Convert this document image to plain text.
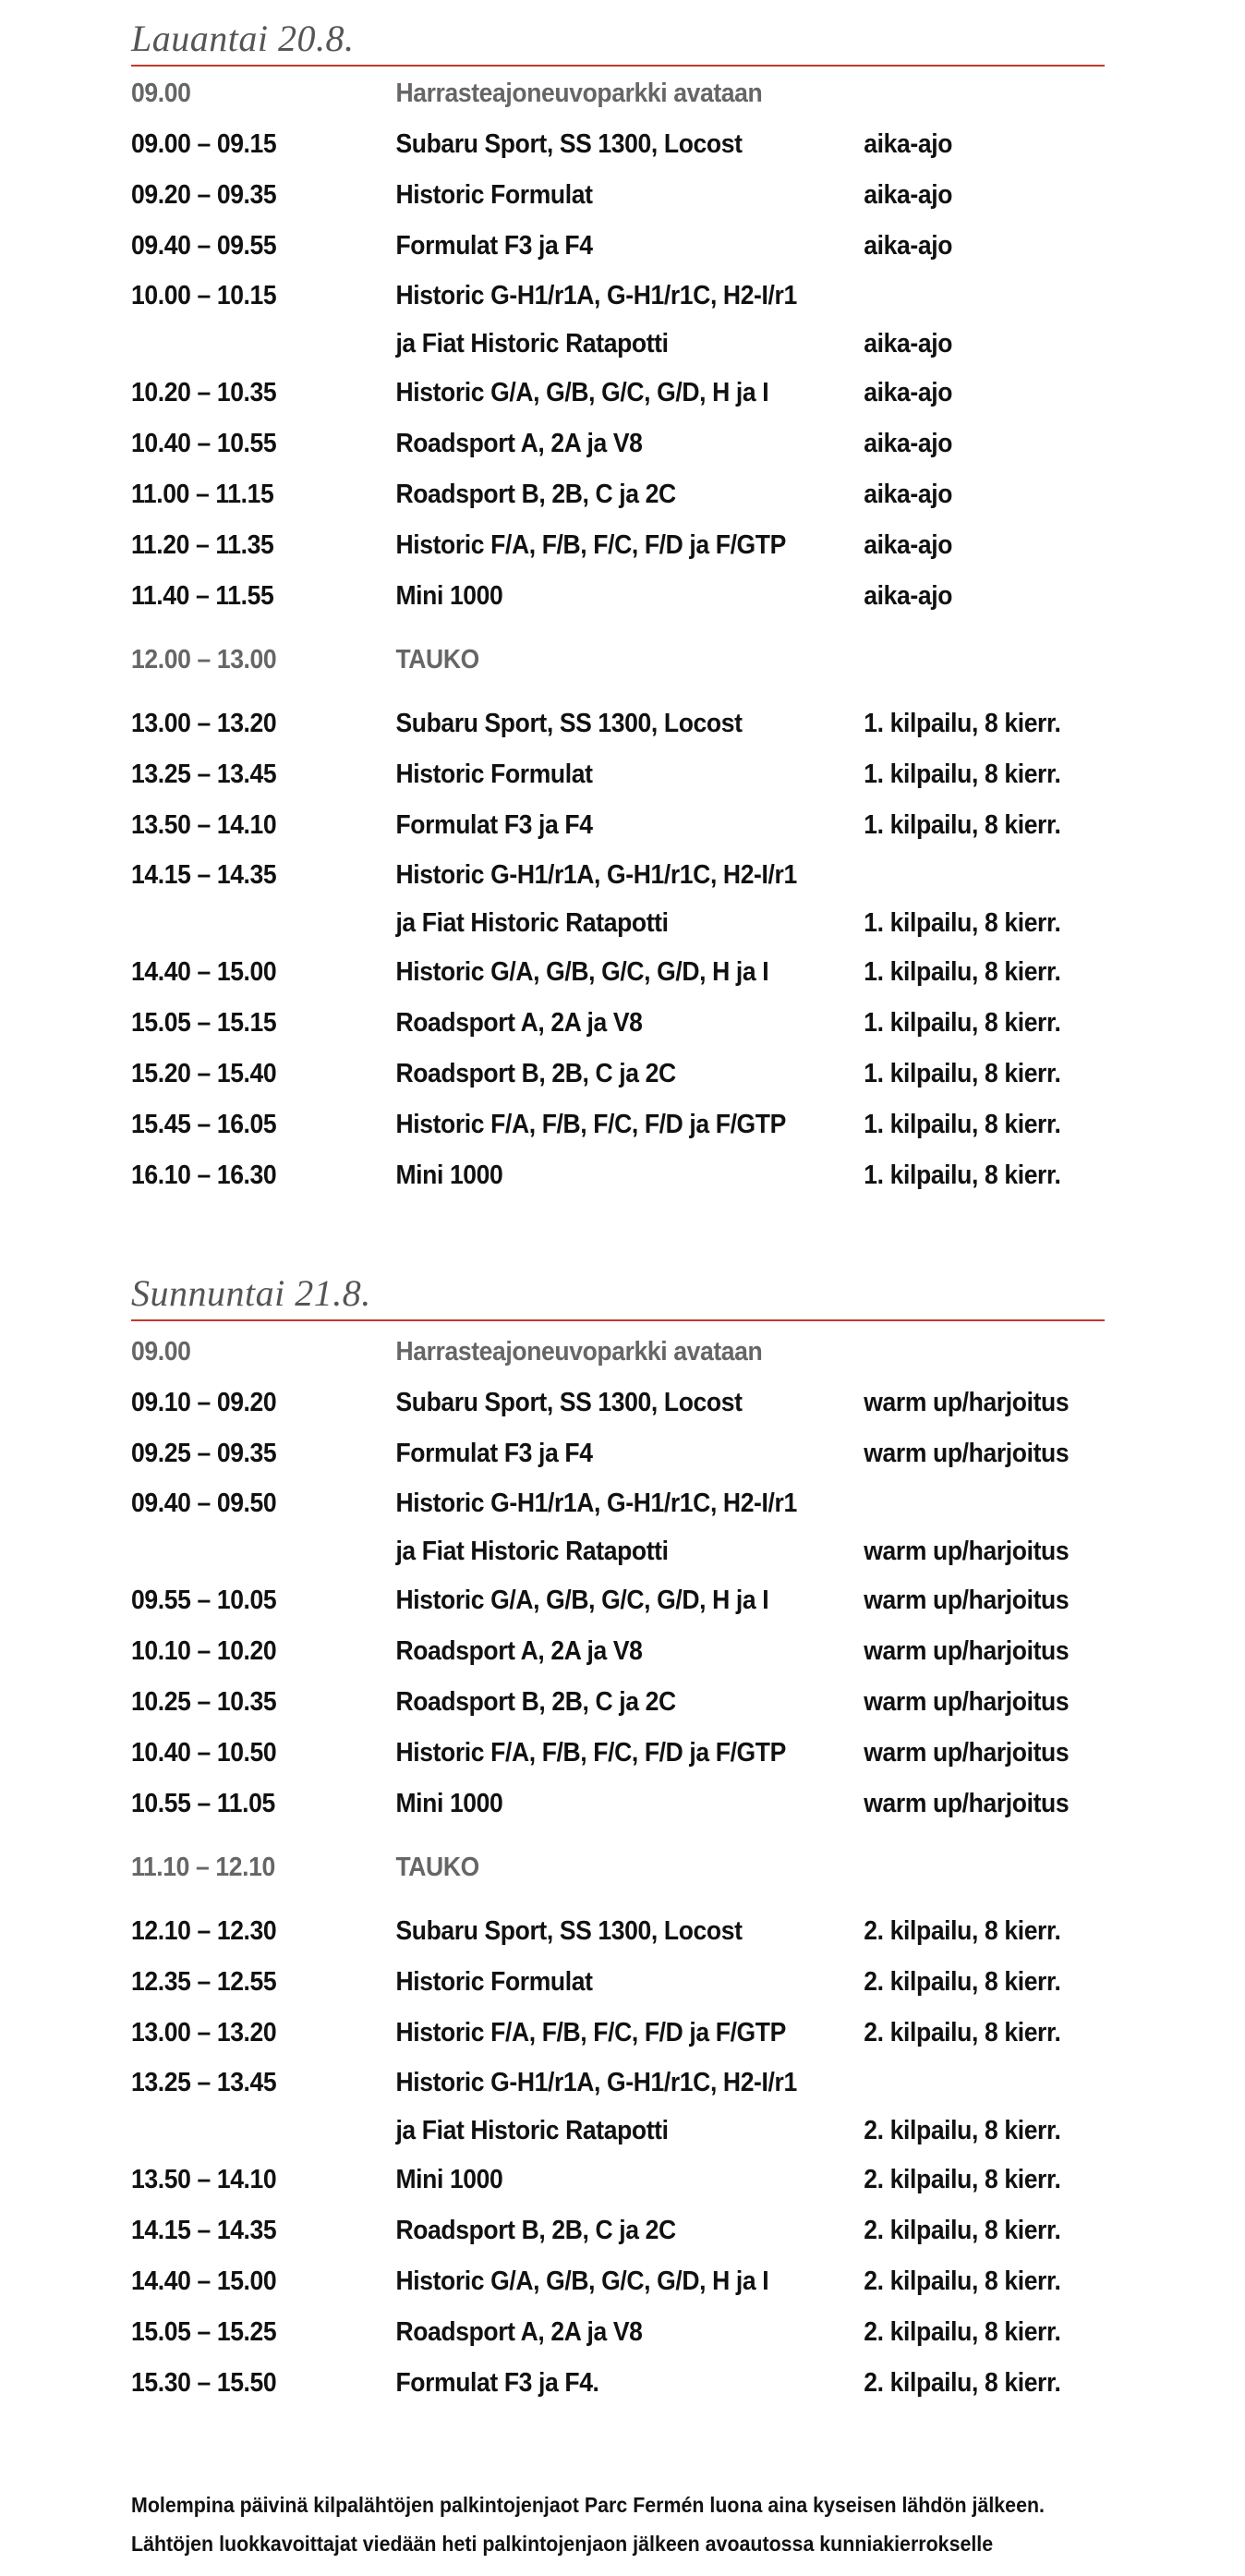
Lauantai 20.8.
09.00	Harrasteajoneuvoparkki avataan
09.00 – 09.15	Subaru Sport, SS 1300, Locost	aika-ajo
09.20 – 09.35	Historic Formulat	aika-ajo
09.40 – 09.55	Formulat F3 ja F4	aika-ajo
10.00 – 10.15	Historic G-H1/r1A, G-H1/r1C, H2-I/r1
ja Fiat Historic Ratapotti	aika-ajo
10.20 – 10.35	Historic G/A, G/B, G/C, G/D, H ja I	aika-ajo
10.40 – 10.55	Roadsport A, 2A ja V8	aika-ajo
11.00 – 11.15	Roadsport B, 2B, C ja 2C	aika-ajo
11.20 – 11.35	Historic F/A, F/B, F/C, F/D ja F/GTP	aika-ajo
11.40 – 11.55	Mini 1000	aika-ajo
12.00 – 13.00	TAUKO
13.00 – 13.20	Subaru Sport, SS 1300, Locost	1. kilpailu, 8 kierr.
13.25 – 13.45	Historic Formulat	1. kilpailu, 8 kierr.
13.50 – 14.10	Formulat F3 ja F4	1. kilpailu, 8 kierr.
14.15 – 14.35	Historic G-H1/r1A, G-H1/r1C, H2-I/r1
ja Fiat Historic Ratapotti	1. kilpailu, 8 kierr.
14.40 – 15.00	Historic G/A, G/B, G/C, G/D, H ja I	1. kilpailu, 8 kierr.
15.05 – 15.15	Roadsport A, 2A ja V8	1. kilpailu, 8 kierr.
15.20 – 15.40	Roadsport B, 2B, C ja 2C	1. kilpailu, 8 kierr.
15.45 – 16.05	Historic F/A, F/B, F/C, F/D ja F/GTP	1. kilpailu, 8 kierr.
16.10 – 16.30	Mini 1000	1. kilpailu, 8 kierr.
Sunnuntai 21.8.
09.00	Harrasteajoneuvoparkki avataan
09.10 – 09.20	Subaru Sport, SS 1300, Locost	warm up/harjoitus
09.25 – 09.35	Formulat F3 ja F4	warm up/harjoitus
09.40 – 09.50	Historic G-H1/r1A, G-H1/r1C, H2-I/r1
ja Fiat Historic Ratapotti	warm up/harjoitus
09.55 – 10.05	Historic G/A, G/B, G/C, G/D, H ja I	warm up/harjoitus
10.10 – 10.20	Roadsport A, 2A ja V8	warm up/harjoitus
10.25 – 10.35	Roadsport B, 2B, C ja 2C	warm up/harjoitus
10.40 – 10.50	Historic F/A, F/B, F/C, F/D ja F/GTP	warm up/harjoitus
10.55 – 11.05	Mini 1000	warm up/harjoitus
11.10 – 12.10	TAUKO
12.10 – 12.30	Subaru Sport, SS 1300, Locost	2. kilpailu, 8 kierr.
12.35 – 12.55	Historic Formulat	2. kilpailu, 8 kierr.
13.00 – 13.20	Historic F/A, F/B, F/C, F/D ja F/GTP	2. kilpailu, 8 kierr.
13.25 – 13.45	Historic G-H1/r1A, G-H1/r1C, H2-I/r1
ja Fiat Historic Ratapotti	2. kilpailu, 8 kierr.
13.50 – 14.10	Mini 1000	2. kilpailu, 8 kierr.
14.15 – 14.35	Roadsport B, 2B, C ja 2C	2. kilpailu, 8 kierr.
14.40 – 15.00	Historic G/A, G/B, G/C, G/D, H ja I	2. kilpailu, 8 kierr.
15.05 – 15.25	Roadsport A, 2A ja V8	2. kilpailu, 8 kierr.
15.30 – 15.50	Formulat F3 ja F4.	2. kilpailu, 8 kierr.
Molempina päivinä kilpalähtöjen palkintojenjaot Parc Fermén luona aina kyseisen lähdön jälkeen.
Lähtöjen luokkavoittajat viedään heti palkintojenjaon jälkeen avoautossa kunniakierrokselle
